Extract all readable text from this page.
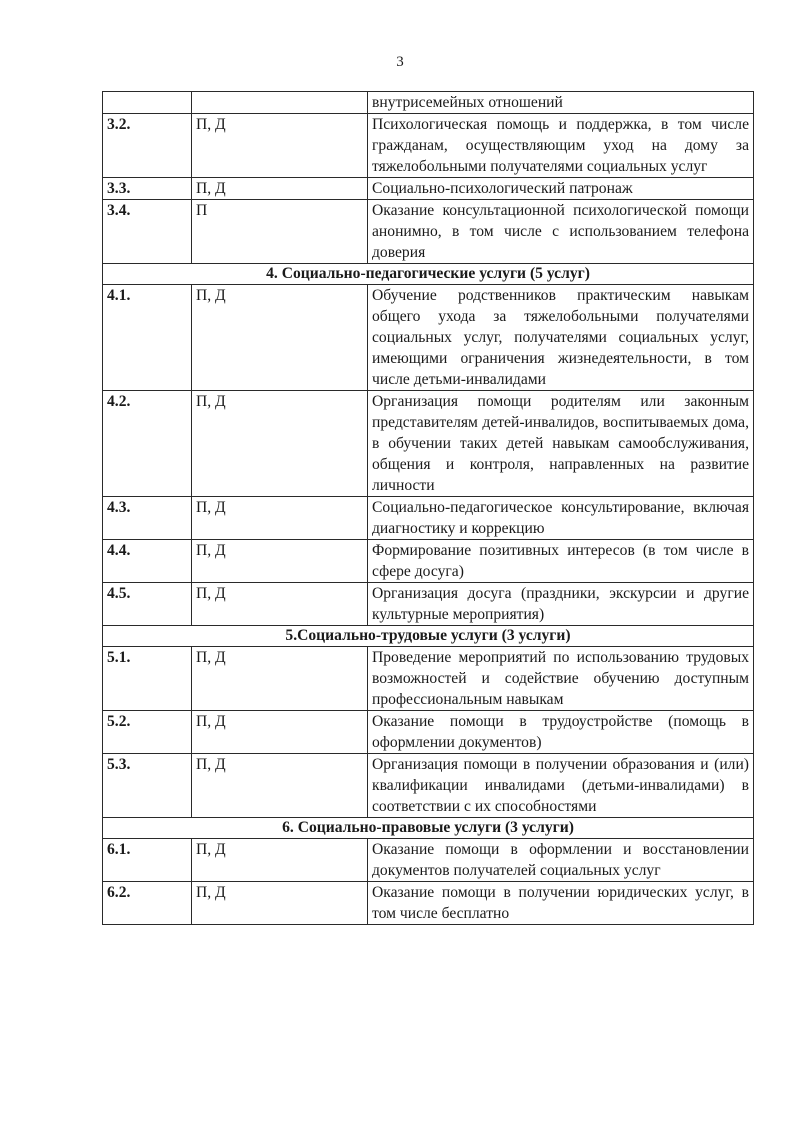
3
		внутрисемейных отношений
3.2.	П, Д	Психологическая помощь и поддержка, в том числе гражданам, осуществляющим уход на дому за тяжелобольными получателями социальных услуг
3.3.	П, Д	Социально-психологический патронаж
3.4.	П	Оказание консультационной психологической помощи анонимно, в том числе с использованием телефона доверия
4. Социально-педагогические услуги (5 услуг)		
4.1.	П, Д	Обучение родственников практическим навыкам общего ухода за тяжелобольными получателями социальных услуг, получателями социальных услуг, имеющими ограничения жизнедеятельности, в том числе детьми-инвалидами
4.2.	П, Д	Организация помощи родителям или законным представителям детей-инвалидов, воспитываемых дома, в обучении таких детей навыкам самообслуживания, общения и контроля, направленных на развитие личности
4.3.	П, Д	Социально-педагогическое консультирование, включая диагностику и коррекцию
4.4.	П, Д	Формирование позитивных интересов (в том числе в сфере досуга)
4.5.	П, Д	Организация досуга (праздники, экскурсии и другие культурные мероприятия)
5.Социально-трудовые услуги (3 услуги)		
5.1.	П, Д	Проведение мероприятий по использованию трудовых возможностей и содействие обучению доступным профессиональным навыкам
5.2.	П, Д	Оказание помощи в трудоустройстве (помощь в оформлении документов)
5.3.	П, Д	Организация помощи в получении образования и (или) квалификации инвалидами (детьми-инвалидами) в соответствии с их способностями
6. Социально-правовые услуги (3 услуги)		
6.1.	П, Д	Оказание помощи в оформлении и восстановлении документов получателей социальных услуг
6.2.	П, Д	Оказание помощи в получении юридических услуг, в том числе бесплатно
